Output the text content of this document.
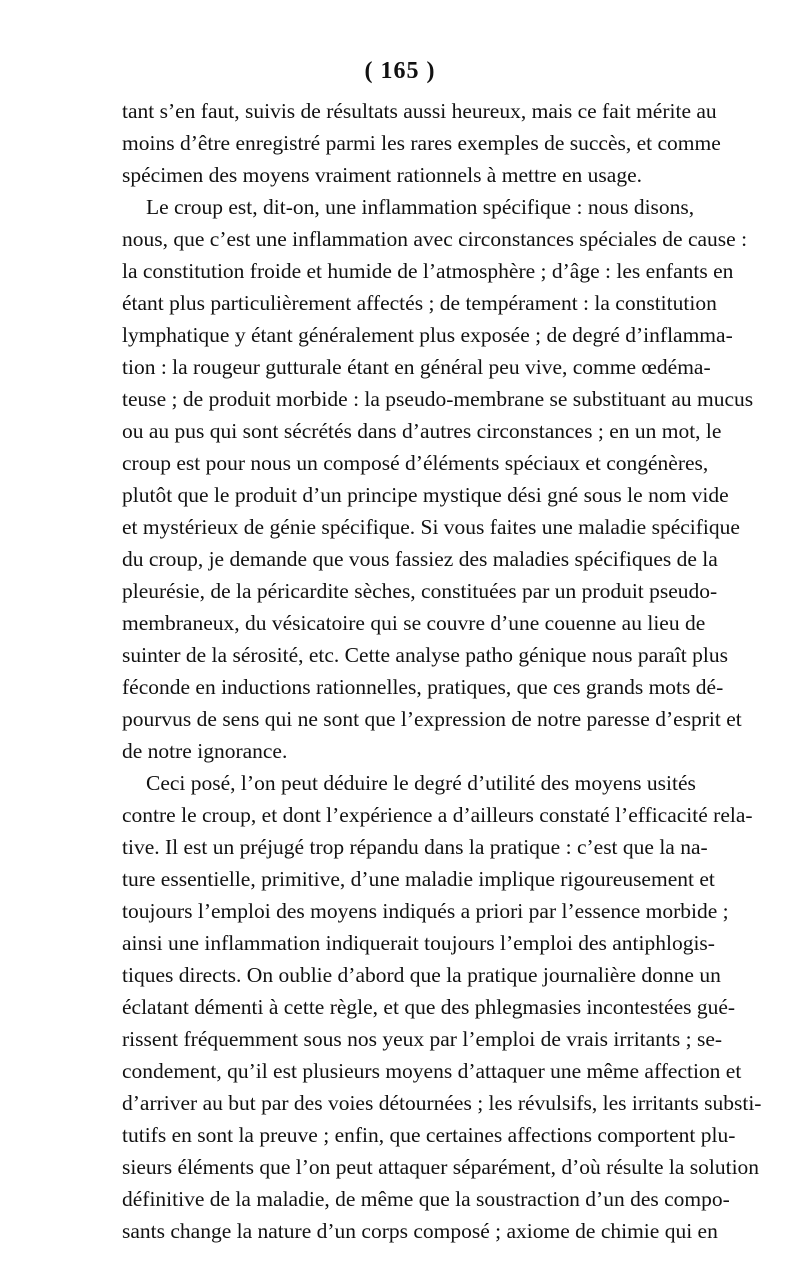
( 165 )
tant s’en faut, suivis de résultats aussi heureux, mais ce fait mérite au
moins d’être enregistré parmi les rares exemples de succès, et comme
spécimen des moyens vraiment rationnels à mettre en usage.
Le croup est, dit-on, une inflammation spécifique : nous disons,
nous, que c’est une inflammation avec circonstances spéciales de cause :
la constitution froide et humide de l’atmosphère ; d’âge : les enfants en
étant plus particulièrement affectés ; de tempérament : la constitution
lymphatique y étant généralement plus exposée ; de degré d’inflamma-
tion : la rougeur gutturale étant en général peu vive, comme œdéma-
teuse ; de produit morbide : la pseudo-membrane se substituant au mucus
ou au pus qui sont sécrétés dans d’autres circonstances ; en un mot, le
croup est pour nous un composé d’éléments spéciaux et congénères,
plutôt que le produit d’un principe mystique dési gné sous le nom vide
et mystérieux de génie spécifique. Si vous faites une maladie spécifique
du croup, je demande que vous fassiez des maladies spécifiques de la
pleurésie, de la péricardite sèches, constituées par un produit pseudo-
membraneux, du vésicatoire qui se couvre d’une couenne au lieu de
suinter de la sérosité, etc. Cette analyse patho génique nous paraît plus
féconde en inductions rationnelles, pratiques, que ces grands mots dé-
pourvus de sens qui ne sont que l’expression de notre paresse d’esprit et
de notre ignorance.
Ceci posé, l’on peut déduire le degré d’utilité des moyens usités
contre le croup, et dont l’expérience a d’ailleurs constaté l’efficacité rela-
tive. Il est un préjugé trop répandu dans la pratique : c’est que la na-
ture essentielle, primitive, d’une maladie implique rigoureusement et
toujours l’emploi des moyens indiqués a priori par l’essence morbide ;
ainsi une inflammation indiquerait toujours l’emploi des antiphlogis-
tiques directs. On oublie d’abord que la pratique journalière donne un
éclatant démenti à cette règle, et que des phlegmasies incontestées gué-
rissent fréquemment sous nos yeux par l’emploi de vrais irritants ; se-
condement, qu’il est plusieurs moyens d’attaquer une même affection et
d’arriver au but par des voies détournées ; les révulsifs, les irritants substi-
tutifs en sont la preuve ; enfin, que certaines affections comportent plu-
sieurs éléments que l’on peut attaquer séparément, d’où résulte la solution
définitive de la maladie, de même que la soustraction d’un des compo-
sants change la nature d’un corps composé ; axiome de chimie qui en
